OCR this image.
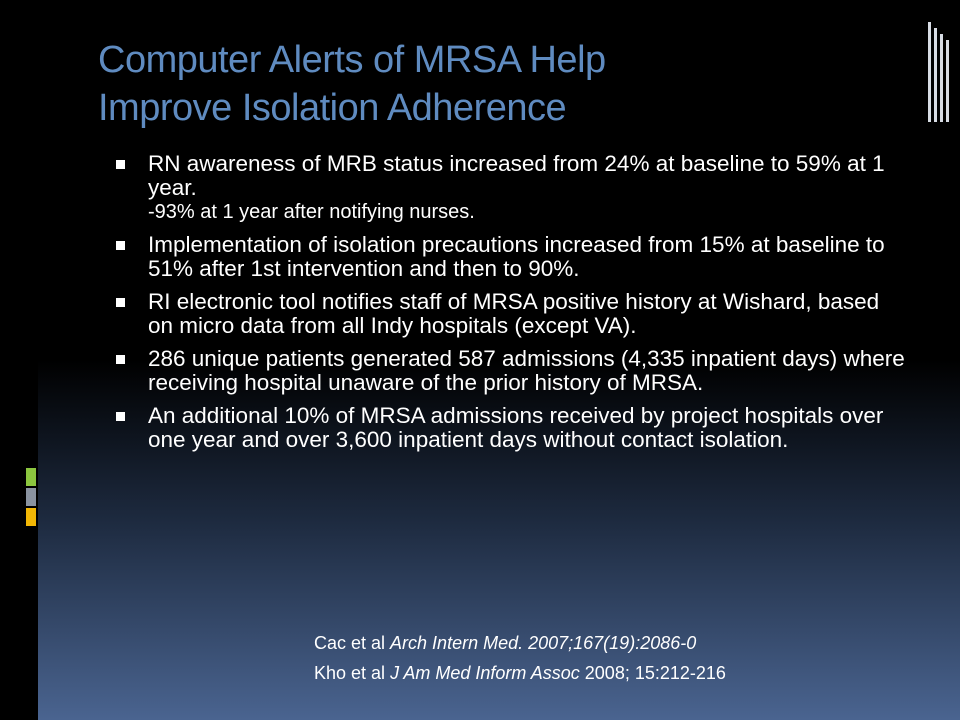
Computer Alerts of MRSA Help
Improve Isolation Adherence
RN awareness of MRB status increased from 24% at baseline to 59% at 1 year.
-93% at 1 year after notifying nurses.
Implementation of isolation precautions increased from 15% at baseline to 51% after 1st intervention and then to 90%.
RI electronic tool notifies staff of MRSA positive history at Wishard, based on micro data from all Indy hospitals (except VA).
286 unique patients generated 587 admissions (4,335 inpatient days) where receiving hospital unaware of the prior history of MRSA.
An additional 10% of MRSA admissions received by project hospitals over one year and over 3,600 inpatient days without contact isolation.
Cac et al Arch Intern Med. 2007;167(19):2086-0
Kho et al J Am Med Inform Assoc 2008; 15:212-216
